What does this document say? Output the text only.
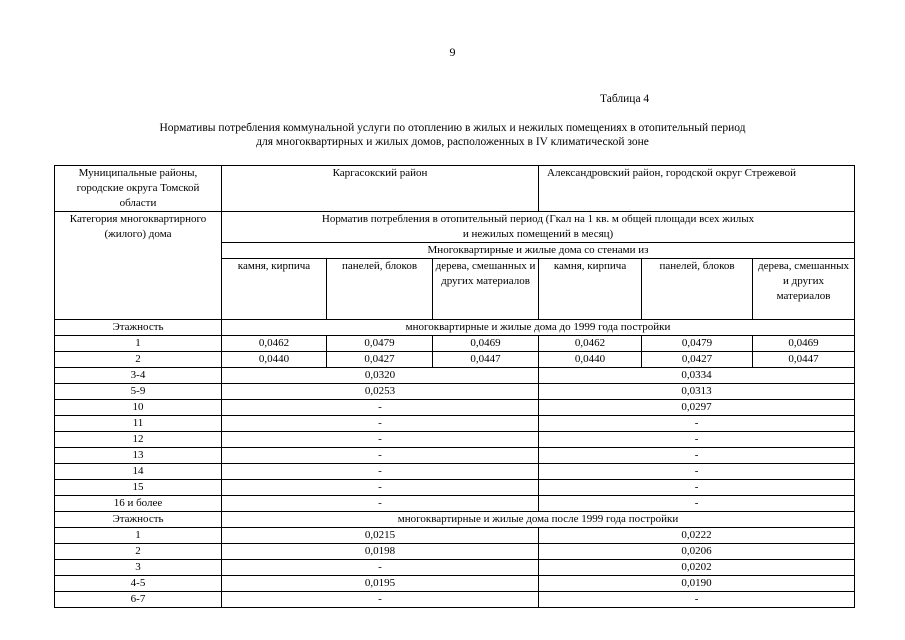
9
Таблица 4
Нормативы потребления коммунальной услуги по отоплению в жилых и нежилых помещениях в отопительный период
для многоквартирных и жилых домов, расположенных в IV климатической зоне
Муниципальные районы, городские округа Томской области	Каргасокский район			Александровский район, городской округ Стрежевой		
Категория многоквартирного (жилого) дома	Норматив потребления в отопительный период (Гкал на 1 кв. м общей площади всех жилых
и нежилых помещений в месяц)					

	Многоквартирные и жилые дома со стенами из					
	камня, кирпича	панелей, блоков	дерева, смешанных и других материалов	камня, кирпича	панелей, блоков	дерева, смешанных и других материалов
Этажность	многоквартирные и жилые дома до 1999 года постройки					
1	0,0462	0,0479	0,0469	0,0462	0,0479	0,0469
2	0,0440	0,0427	0,0447	0,0440	0,0427	0,0447
3-4	0,0320			0,0334		
5-9	0,0253			0,0313		
10	-			0,0297		
11	-			-		
12	-			-		
13	-			-		
14	-			-		
15	-			-		
16 и более	-			-		
Этажность	многоквартирные и жилые дома после 1999 года постройки					
1	0,0215			0,0222		
2	0,0198			0,0206		
3	-			0,0202		
4-5	0,0195			0,0190		
6-7	-			-		
